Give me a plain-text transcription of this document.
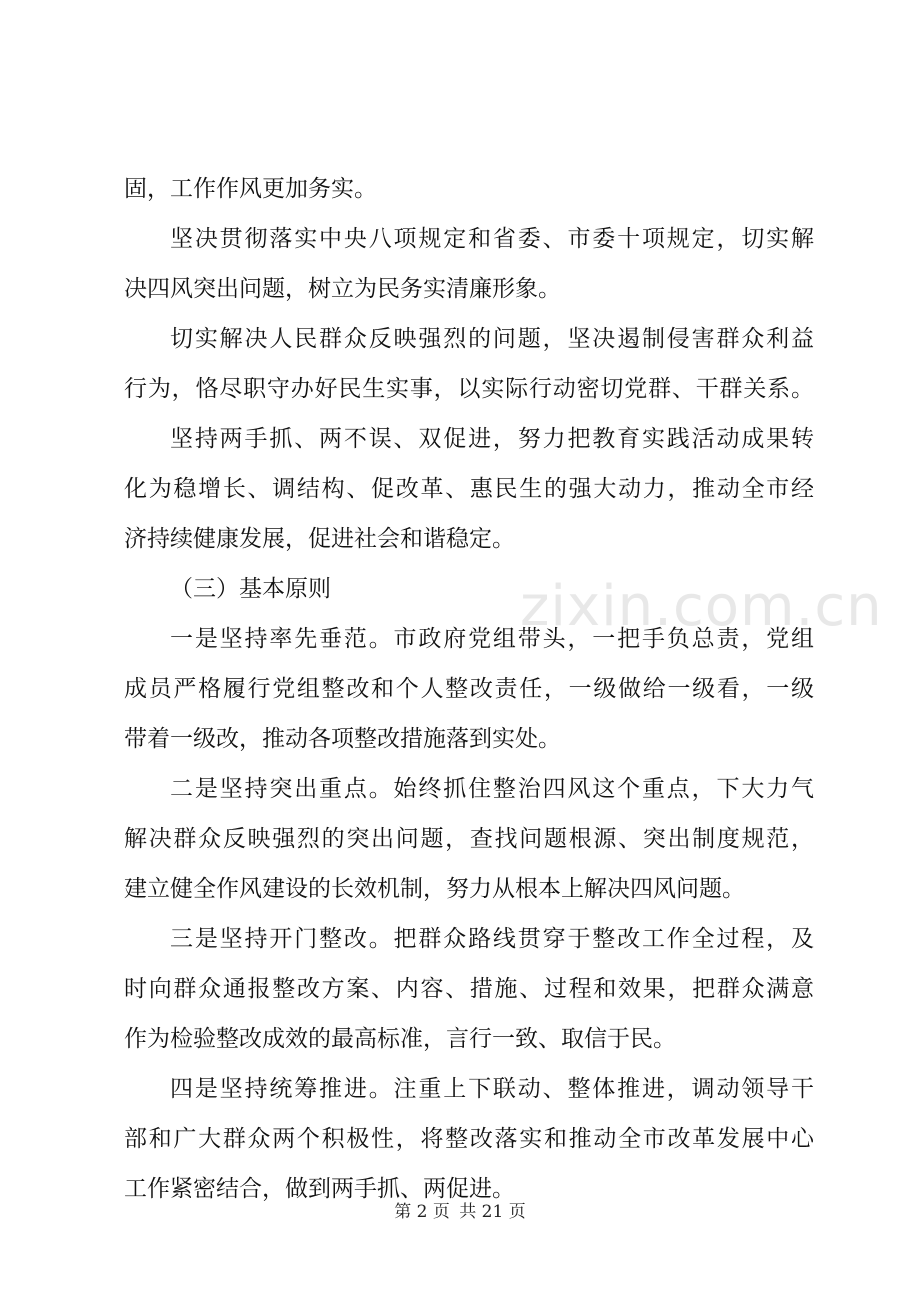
zixin.com.cn
固，工作作风更加务实。
坚决贯彻落实中央八项规定和省委、市委十项规定，切实解
决四风突出问题，树立为民务实清廉形象。
切实解决人民群众反映强烈的问题，坚决遏制侵害群众利益
行为，恪尽职守办好民生实事，以实际行动密切党群、干群关系。
坚持两手抓、两不误、双促进，努力把教育实践活动成果转
化为稳增长、调结构、促改革、惠民生的强大动力，推动全市经
济持续健康发展，促进社会和谐稳定。
（三）基本原则
一是坚持率先垂范。市政府党组带头，一把手负总责，党组
成员严格履行党组整改和个人整改责任，一级做给一级看，一级
带着一级改，推动各项整改措施落到实处。
二是坚持突出重点。始终抓住整治四风这个重点，下大力气
解决群众反映强烈的突出问题，查找问题根源、突出制度规范，
建立健全作风建设的长效机制，努力从根本上解决四风问题。
三是坚持开门整改。把群众路线贯穿于整改工作全过程，及
时向群众通报整改方案、内容、措施、过程和效果，把群众满意
作为检验整改成效的最高标准，言行一致、取信于民。
四是坚持统筹推进。注重上下联动、整体推进，调动领导干
部和广大群众两个积极性，将整改落实和推动全市改革发展中心
工作紧密结合，做到两手抓、两促进。
第 2 页 共 21 页
